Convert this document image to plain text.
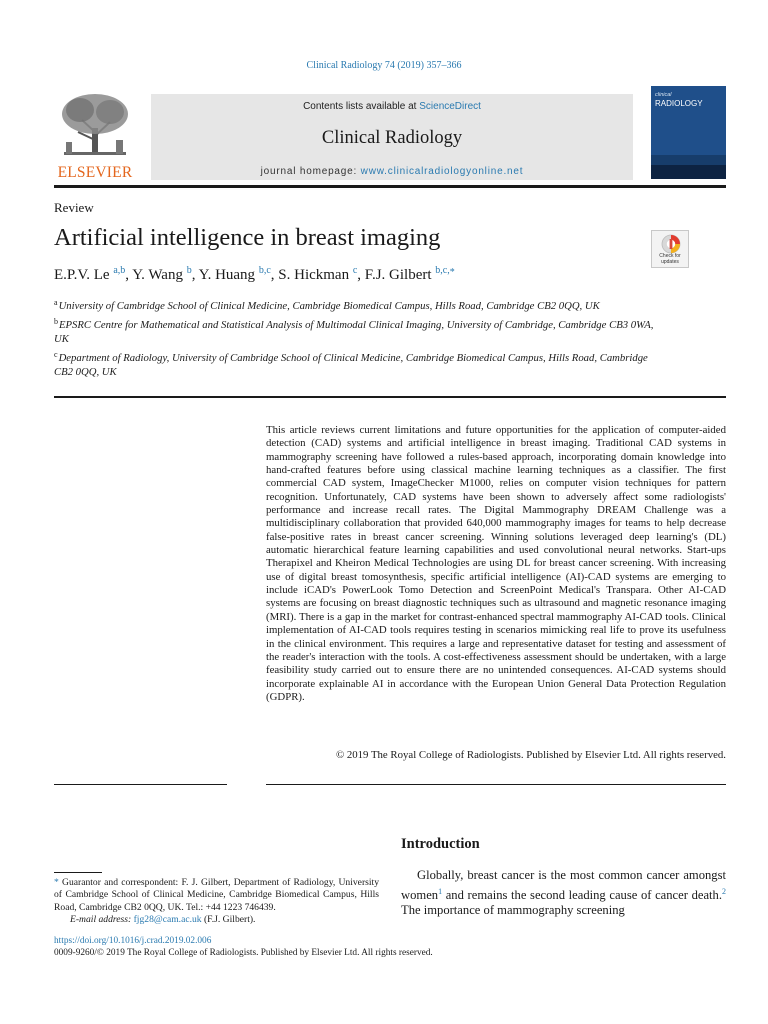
Clinical Radiology 74 (2019) 357–366
ELSEVIER
Contents lists available at ScienceDirect
Clinical Radiology
journal homepage: www.clinicalradiologyonline.net
clinical
RADIOLOGY
Review
Artificial intelligence in breast imaging
Check for updates
E.P.V. Le $^{a,b}$, Y. Wang $^b$, Y. Huang $^{b,c}$, S. Hickman $^c$, F.J. Gilbert $^{b,c,*}$

$^a$University of Cambridge School of Clinical Medicine, Cambridge Biomedical Campus, Hills Road, Cambridge CB2 0QQ, UK

$^b$EPSRC Centre for Mathematical and Statistical Analysis of Multimodal Clinical Imaging, University of Cambridge, Cambridge CB3 0WA, UK

$^c$Department of Radiology, University of Cambridge School of Clinical Medicine, Cambridge Biomedical Campus, Hills Road, Cambridge CB2 0QQ, UK

This article reviews current limitations and future opportunities for the application of computer-aided detection (CAD) systems and artificial intelligence in breast imaging. Traditional CAD systems in mammography screening have followed a rules-based approach, incorporating domain knowledge into hand-crafted features before using classical machine learning techniques as a classifier. The first commercial CAD system, ImageChecker M1000, relies on computer vision techniques for pattern recognition. Unfortunately, CAD systems have been shown to adversely affect some radiologists' performance and increase recall rates. The Digital Mammography DREAM Challenge was a multidisciplinary collaboration that provided 640,000 mammography images for teams to help decrease false-positive rates in breast cancer screening. Winning solutions leveraged deep learning's (DL) automatic hierarchical feature learning capabilities and used convolutional neural networks. Start-ups Therapixel and Kheiron Medical Technologies are using DL for breast cancer screening. With increasing use of digital breast tomosynthesis, specific artificial intelligence (AI)-CAD systems are emerging to include iCAD's PowerLook Tomo Detection and ScreenPoint Medical's Transpara. Other AI-CAD systems are focusing on breast diagnostic techniques such as ultrasound and magnetic resonance imaging (MRI). There is a gap in the market for contrast-enhanced spectral mammography AI-CAD tools. Clinical implementation of AI-CAD tools requires testing in scenarios mimicking real life to prove its usefulness in the clinical environment. This requires a large and representative dataset for testing and assessment of the reader's interaction with the tools. A cost-effectiveness assessment should be undertaken, with a large feasibility study carried out to ensure there are no unintended consequences. AI-CAD systems should incorporate explainable AI in accordance with the European Union General Data Protection Regulation (GDPR).

© 2019 The Royal College of Radiologists. Published by Elsevier Ltd. All rights reserved.
Introduction

Globally, breast cancer is the most common cancer amongst women$^1$ and remains the second leading cause of cancer death.$^2$ The importance of mammography screening

* Guarantor and correspondent: F. J. Gilbert, Department of Radiology, University of Cambridge School of Clinical Medicine, Cambridge Biomedical Campus, Hills Road, Cambridge CB2 0QQ, UK. Tel.: +44 1223 746439.
E-mail address: fjg28@cam.ac.uk (F.J. Gilbert).
https://doi.org/10.1016/j.crad.2019.02.006
0009-9260/© 2019 The Royal College of Radiologists. Published by Elsevier Ltd. All rights reserved.
